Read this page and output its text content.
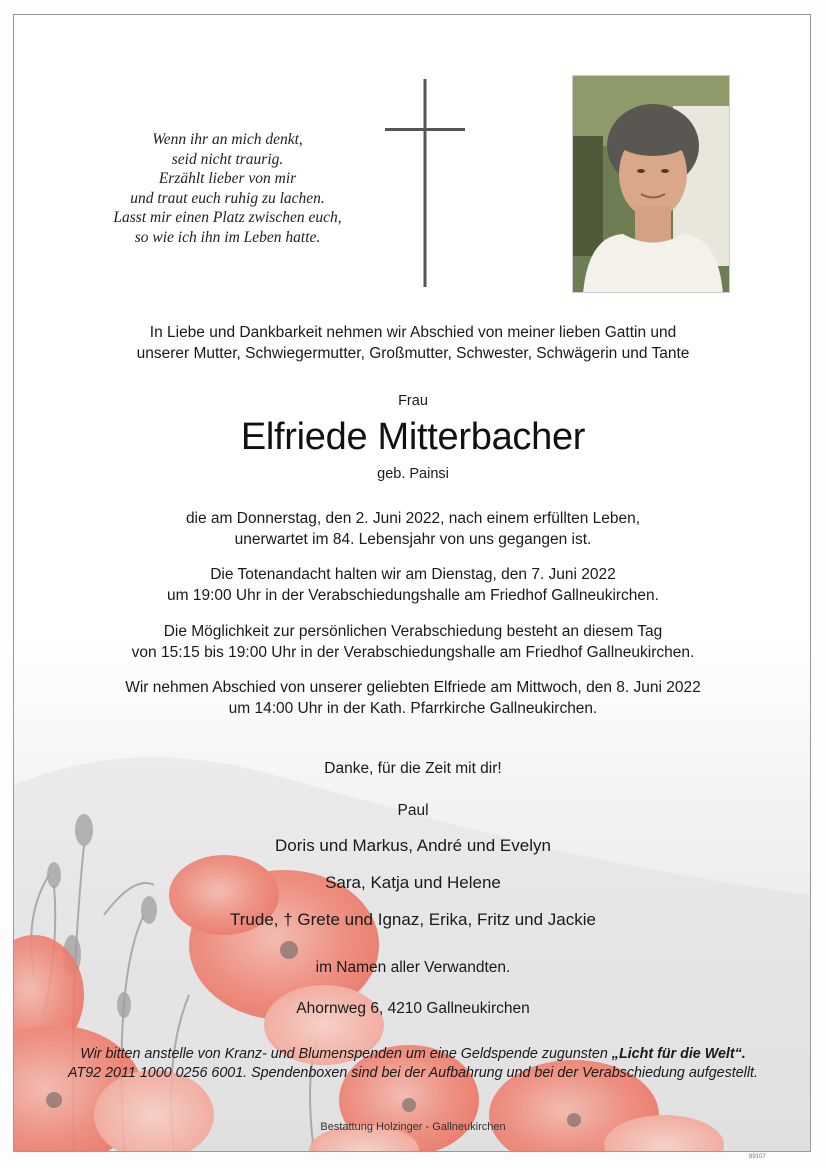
Wenn ihr an mich denkt,
seid nicht traurig.
Erzählt lieber von mir
und traut euch ruhig zu lachen.
Lasst mir einen Platz zwischen euch,
so wie ich ihn im Leben hatte.
In Liebe und Dankbarkeit nehmen wir Abschied von meiner lieben Gattin und
unserer Mutter, Schwiegermutter, Großmutter, Schwester, Schwägerin und Tante
Frau
Elfriede Mitterbacher
geb. Painsi
die am Donnerstag, den 2. Juni 2022, nach einem erfüllten Leben,
unerwartet im 84. Lebensjahr von uns gegangen ist.
Die Totenandacht halten wir am Dienstag, den 7. Juni 2022
um 19:00 Uhr in der Verabschiedungshalle am Friedhof Gallneukirchen.
Die Möglichkeit zur persönlichen Verabschiedung besteht an diesem Tag
von 15:15 bis 19:00 Uhr in der Verabschiedungshalle am Friedhof Gallneukirchen.
Wir nehmen Abschied von unserer geliebten Elfriede am Mittwoch, den 8. Juni 2022
um 14:00 Uhr in der Kath. Pfarrkirche Gallneukirchen.
Danke, für die Zeit mit dir!
Paul
Doris und Markus, André und Evelyn
Sara, Katja und Helene
Trude, † Grete und Ignaz, Erika, Fritz und Jackie
im Namen aller Verwandten.
Ahornweg 6, 4210 Gallneukirchen
Wir bitten anstelle von Kranz- und Blumenspenden um eine Geldspende zugunsten „Licht für die Welt“.
AT92 2011 1000 0256 6001. Spendenboxen sind bei der Aufbahrung und bei der Verabschiedung aufgestellt.
Bestattung Holzinger - Gallneukirchen
89107
